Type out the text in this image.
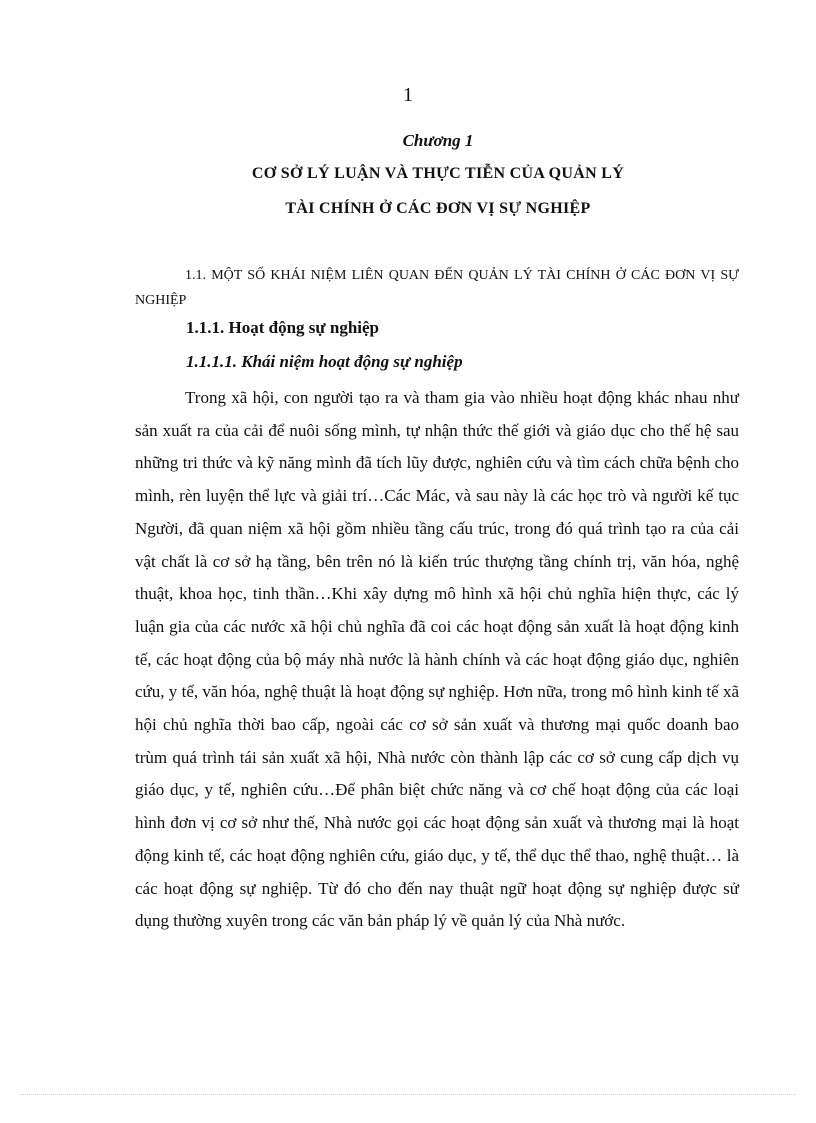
1
Chương 1
CƠ SỞ LÝ LUẬN VÀ THỰC TIỄN CỦA QUẢN LÝ
TÀI CHÍNH Ở CÁC ĐƠN VỊ SỰ NGHIỆP
1.1. MỘT SỐ KHÁI NIỆM LIÊN QUAN ĐẾN QUẢN LÝ TÀI CHÍNH Ở CÁC ĐƠN VỊ SỰ NGHIỆP
1.1.1. Hoạt động sự nghiệp
1.1.1.1. Khái niệm hoạt động sự nghiệp

Trong xã hội, con người tạo ra và tham gia vào nhiều hoạt động khác nhau như sản xuất ra của cải để nuôi sống mình, tự nhận thức thế giới và giáo dục cho thế hệ sau những tri thức và kỹ năng mình đã tích lũy được, nghiên cứu và tìm cách chữa bệnh cho mình, rèn luyện thể lực và giải trí…Các Mác, và sau này là các học trò và người kế tục Người, đã quan niệm xã hội gồm nhiều tầng cấu trúc, trong đó quá trình tạo ra của cải vật chất là cơ sở hạ tầng, bên trên nó là kiến trúc thượng tầng chính trị, văn hóa, nghệ thuật, khoa học, tinh thần…Khi xây dựng mô hình xã hội chủ nghĩa hiện thực, các lý luận gia của các nước xã hội chủ nghĩa đã coi các hoạt động sản xuất là hoạt động kinh tế, các hoạt động của bộ máy nhà nước là hành chính và các hoạt động giáo dục, nghiên cứu, y tế, văn hóa, nghệ thuật là hoạt động sự nghiệp. Hơn nữa, trong mô hình kinh tế xã hội chủ nghĩa thời bao cấp, ngoài các cơ sở sản xuất và thương mại quốc doanh bao trùm quá trình tái sản xuất xã hội, Nhà nước còn thành lập các cơ sở cung cấp dịch vụ giáo dục, y tế, nghiên cứu…Để phân biệt chức năng và cơ chế hoạt động của các loại hình đơn vị cơ sở như thế, Nhà nước gọi các hoạt động sản xuất và thương mại là hoạt động kinh tế, các hoạt động nghiên cứu, giáo dục, y tế, thể dục thể thao, nghệ thuật… là các hoạt động sự nghiệp. Từ đó cho đến nay thuật ngữ hoạt động sự nghiệp được sử dụng thường xuyên trong các văn bản pháp lý về quản lý của Nhà nước.
